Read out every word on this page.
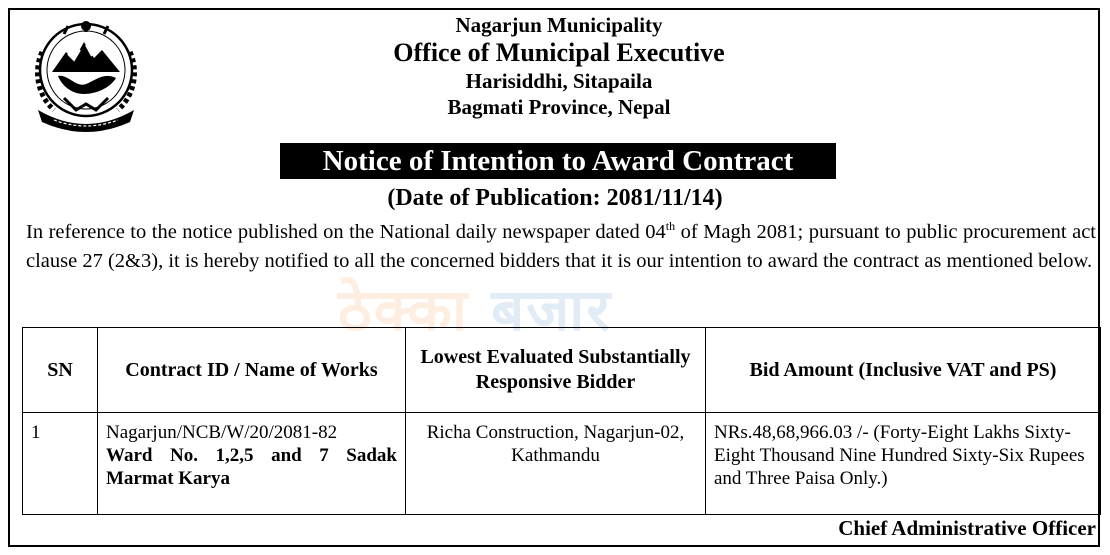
Nagarjun Municipality
Office of Municipal Executive
Harisiddhi, Sitapaila
Bagmati Province, Nepal
Notice of Intention to Award Contract
(Date of Publication: 2081/11/14)
ठेक्का बजार
In reference to the notice published on the National daily newspaper dated 04th of Magh 2081; pursuant to public procurement act clause 27 (2&3), it is hereby notified to all the concerned bidders that it is our intention to award the contract as mentioned below.
SN	Contract ID / Name of Works	Lowest Evaluated Substantially Responsive Bidder	Bid Amount (Inclusive VAT and PS)
1	Nagarjun/NCB/W/20/2081-82
Ward No. 1,2,5 and 7 Sadak Marmat Karya	Richa Construction, Nagarjun-02, Kathmandu	NRs.48,68,966.03 /- (Forty-Eight Lakhs Sixty-Eight Thousand Nine Hundred Sixty-Six Rupees and Three Paisa Only.)
Chief Administrative Officer
